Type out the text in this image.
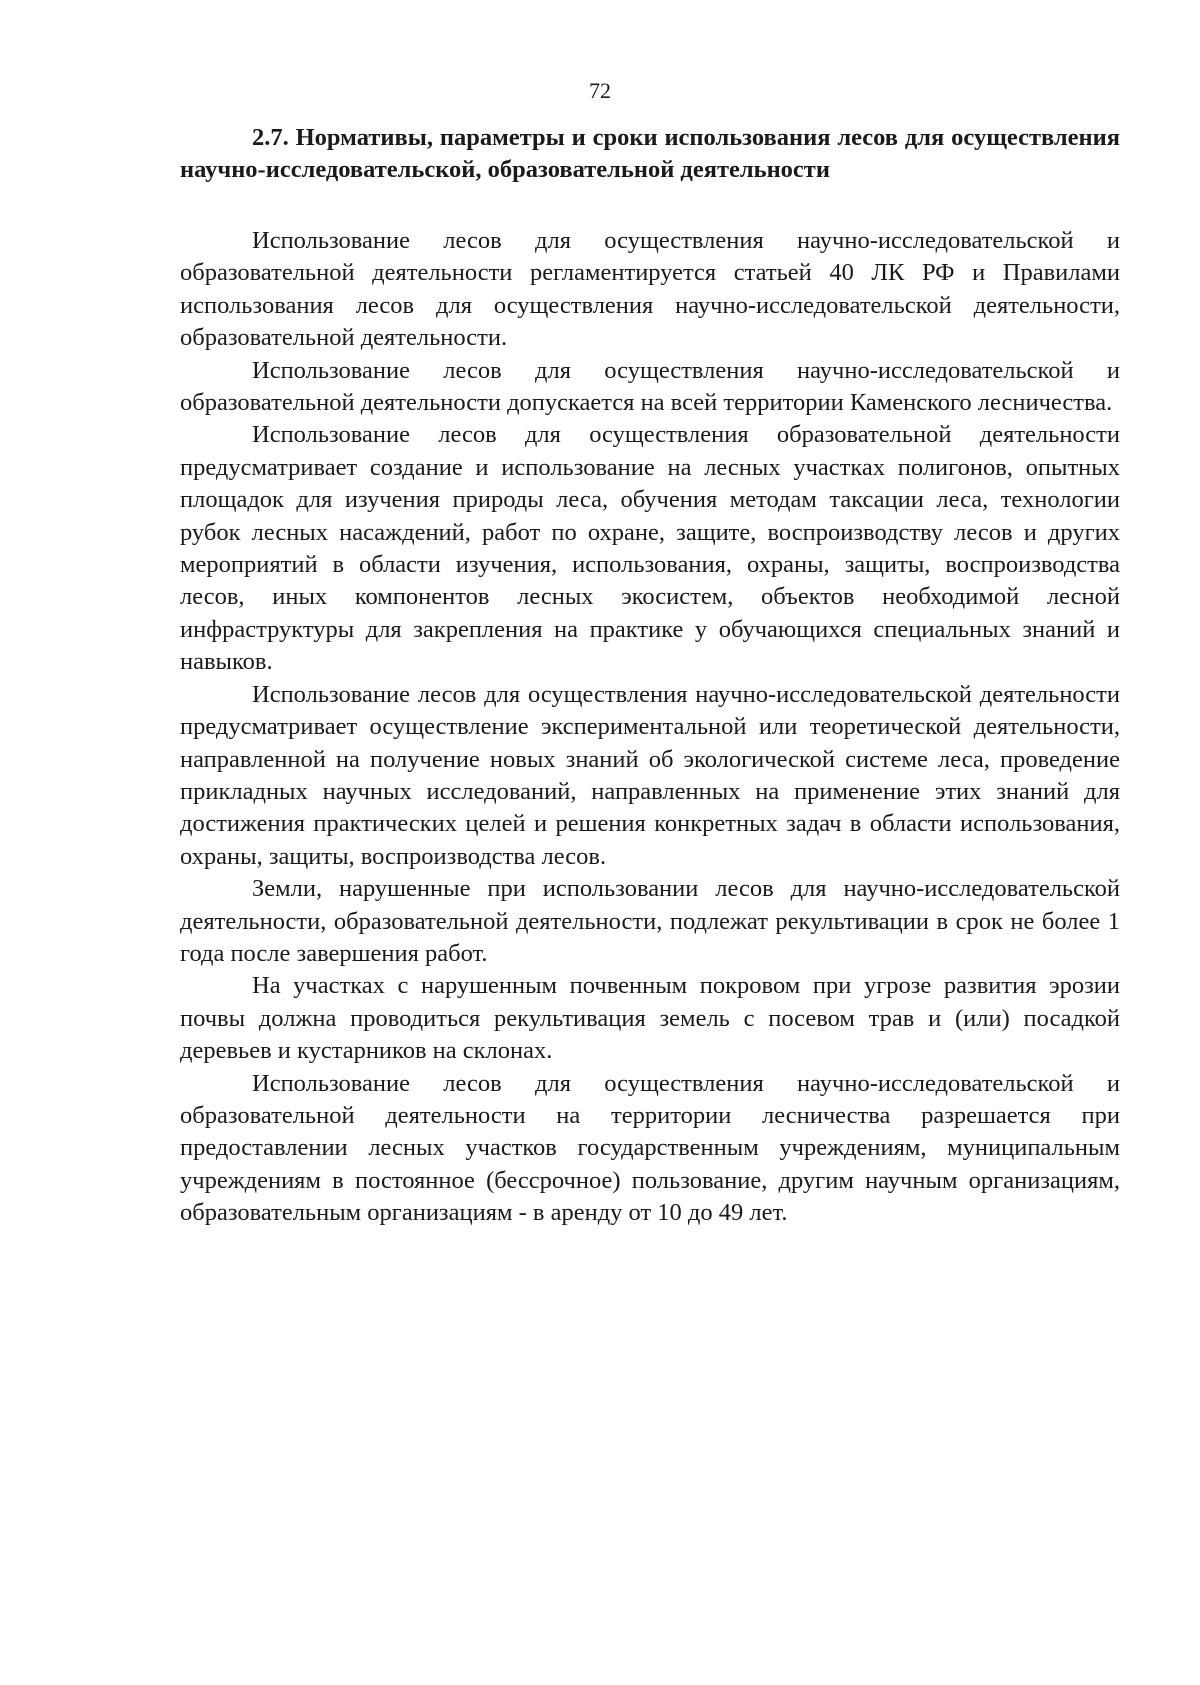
72

2.7. Нормативы, параметры и сроки использования лесов для осуществления научно-исследовательской, образовательной деятельности

Использование лесов для осуществления научно-исследовательской и образовательной деятельности регламентируется статьей 40 ЛК РФ и Правилами использования лесов для осуществления научно-исследовательской деятельности, образовательной деятельности.

Использование лесов для осуществления научно-исследовательской и образовательной деятельности допускается на всей территории Каменского лесничества.

Использование лесов для осуществления образовательной деятельности предусматривает создание и использование на лесных участках полигонов, опытных площадок для изучения природы леса, обучения методам таксации леса, технологии рубок лесных насаждений, работ по охране, защите, воспроизводству лесов и других мероприятий в области изучения, использования, охраны, защиты, воспроизводства лесов, иных компонентов лесных экосистем, объектов необходимой лесной инфраструктуры для закрепления на практике у обучающихся специальных знаний и навыков.

Использование лесов для осуществления научно-исследовательской деятельности предусматривает осуществление экспериментальной или теоретической деятельности, направленной на получение новых знаний об экологической системе леса, проведение прикладных научных исследований, направленных на применение этих знаний для достижения практических целей и решения конкретных задач в области использования, охраны, защиты, воспроизводства лесов.

Земли, нарушенные при использовании лесов для научно-исследовательской деятельности, образовательной деятельности, подлежат рекультивации в срок не более 1 года после завершения работ.

На участках с нарушенным почвенным покровом при угрозе развития эрозии почвы должна проводиться рекультивация земель с посевом трав и (или) посадкой деревьев и кустарников на склонах.

Использование лесов для осуществления научно-исследовательской и образовательной деятельности на территории лесничества разрешается при предоставлении лесных участков государственным учреждениям, муниципальным учреждениям в постоянное (бессрочное) пользование, другим научным организациям, образовательным организациям - в аренду от 10 до 49 лет.
